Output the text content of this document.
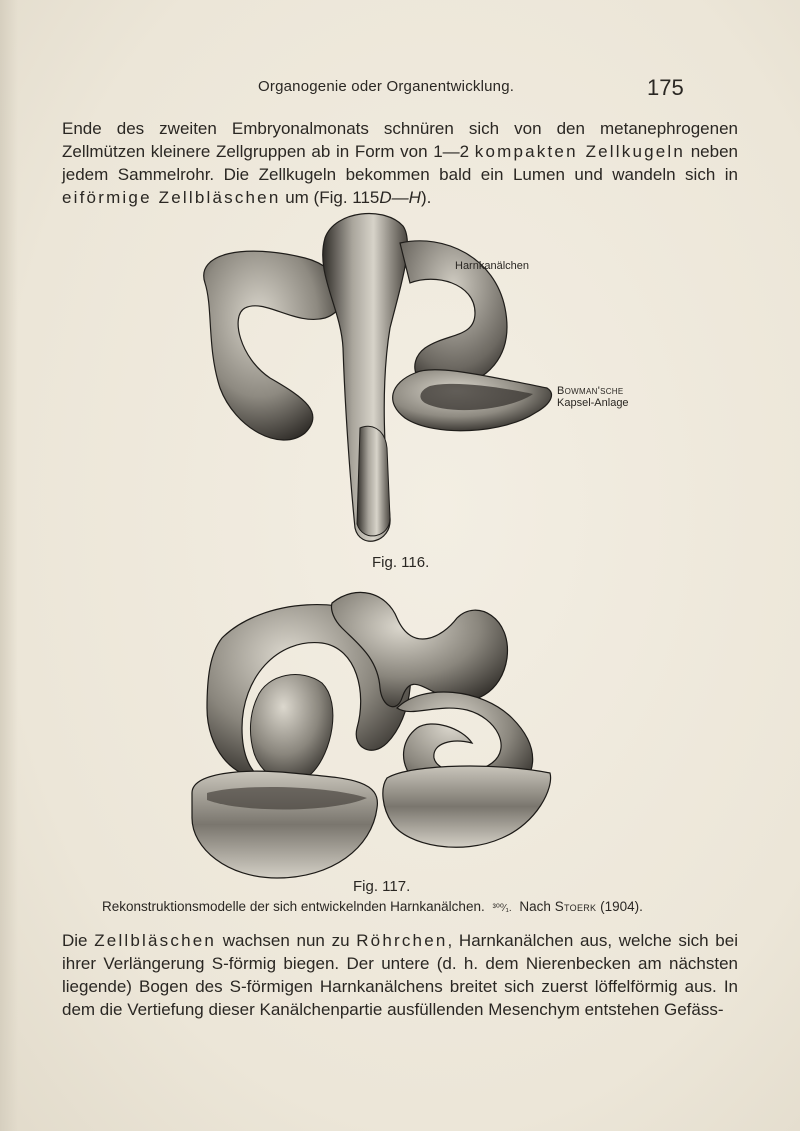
Organogenie oder Organentwicklung.	175

Ende des zweiten Embryonalmonats schnüren sich von den metanephrogenen Zellmützen kleinere Zellgruppen ab in Form von 1—2 kompakten Zellkugeln neben jedem Sammelrohr. Die Zellkugeln bekommen bald ein Lumen und wandeln sich in eiförmige Zellbläschen um (Fig. 115D—H).

Harnkanälchen
Bowman'sche
Kapsel-Anlage
Fig. 116.
Fig. 117.
Rekonstruktionsmodelle der sich entwickelnden Harnkanälchen. ³⁰⁰⁄₁. Nach Stoerk (1904).

Die Zellbläschen wachsen nun zu Röhrchen, Harnkanälchen aus, welche sich bei ihrer Verlängerung S-förmig biegen. Der untere (d. h. dem Nierenbecken am nächsten liegende) Bogen des S-förmigen Harnkanälchens breitet sich zuerst löffelförmig aus. In dem die Vertiefung dieser Kanälchenpartie ausfüllenden Mesenchym entstehen Gefäss-
